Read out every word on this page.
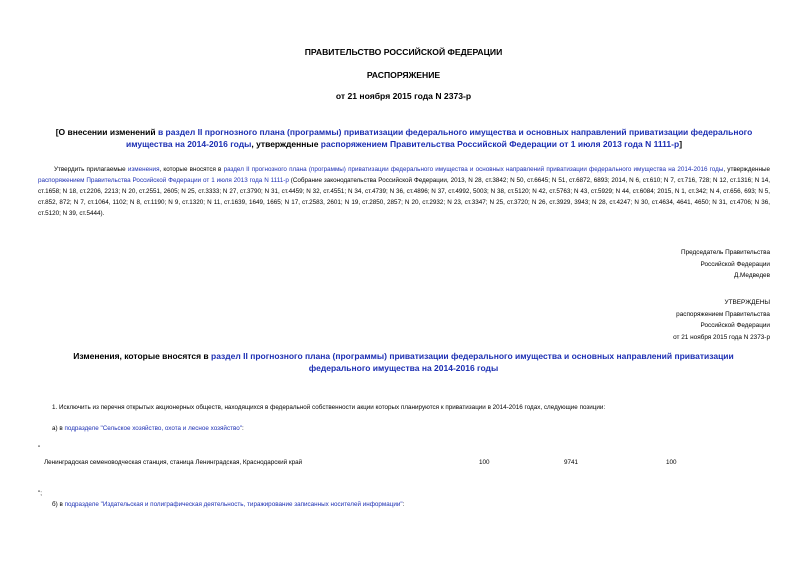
ПРАВИТЕЛЬСТВО РОССИЙСКОЙ ФЕДЕРАЦИИ
РАСПОРЯЖЕНИЕ
от 21 ноября 2015 года N 2373-р
[О внесении изменений в раздел II прогнозного плана (программы) приватизации федерального имущества и основных направлений приватизации федерального имущества на 2014-2016 годы, утвержденные распоряжением Правительства Российской Федерации от 1 июля 2013 года N 1111-р]
Утвердить прилагаемые изменения, которые вносятся в раздел II прогнозного плана (программы) приватизации федерального имущества и основных направлений приватизации федерального имущества на 2014-2016 годы, утвержденные распоряжением Правительства Российской Федерации от 1 июля 2013 года N 1111-р (Собрание законодательства Российской Федерации, 2013, N 28, ст.3842; N 50, ст.6645; N 51, ст.6872, 6893; 2014, N 6, ст.610; N 7, ст.716, 728; N 12, ст.1316; N 14, ст.1658; N 18, ст.2206, 2213; N 20, ст.2551, 2605; N 25, ст.3333; N 27, ст.3790; N 31, ст.4459; N 32, ст.4551; N 34, ст.4739; N 36, ст.4896; N 37, ст.4992, 5003; N 38, ст.5120; N 42, ст.5763; N 43, ст.5929; N 44, ст.6084; 2015, N 1, ст.342; N 4, ст.656, 693; N 5, ст.852, 872; N 7, ст.1064, 1102; N 8, ст.1190; N 9, ст.1320; N 11, ст.1639, 1649, 1665; N 17, ст.2583, 2601; N 19, ст.2850, 2857; N 20, ст.2932; N 23, ст.3347; N 25, ст.3720; N 26, ст.3929, 3943; N 28, ст.4247; N 30, ст.4634, 4641, 4650; N 31, ст.4706; N 36, ст.5120; N 39, ст.5444).
Председатель Правительства
Российской Федерации
Д.Медведев
УТВЕРЖДЕНЫ
распоряжением Правительства
Российской Федерации
от 21 ноября 2015 года N 2373-р
Изменения, которые вносятся в раздел II прогнозного плана (программы) приватизации федерального имущества и основных направлений приватизации федерального имущества на 2014-2016 годы
1. Исключить из перечня открытых акционерных обществ, находящихся в федеральной собственности акции которых планируются к приватизации в 2014-2016 годах, следующие позиции:
а) в подразделе "Сельское хозяйство, охота и лесное хозяйство":
"
Ленинградская семеноводческая станция, станица Ленинградская, Краснодарский край	100	9741	100
";
б) в подразделе "Издательская и полиграфическая деятельность, тиражирование записанных носителей информации":
